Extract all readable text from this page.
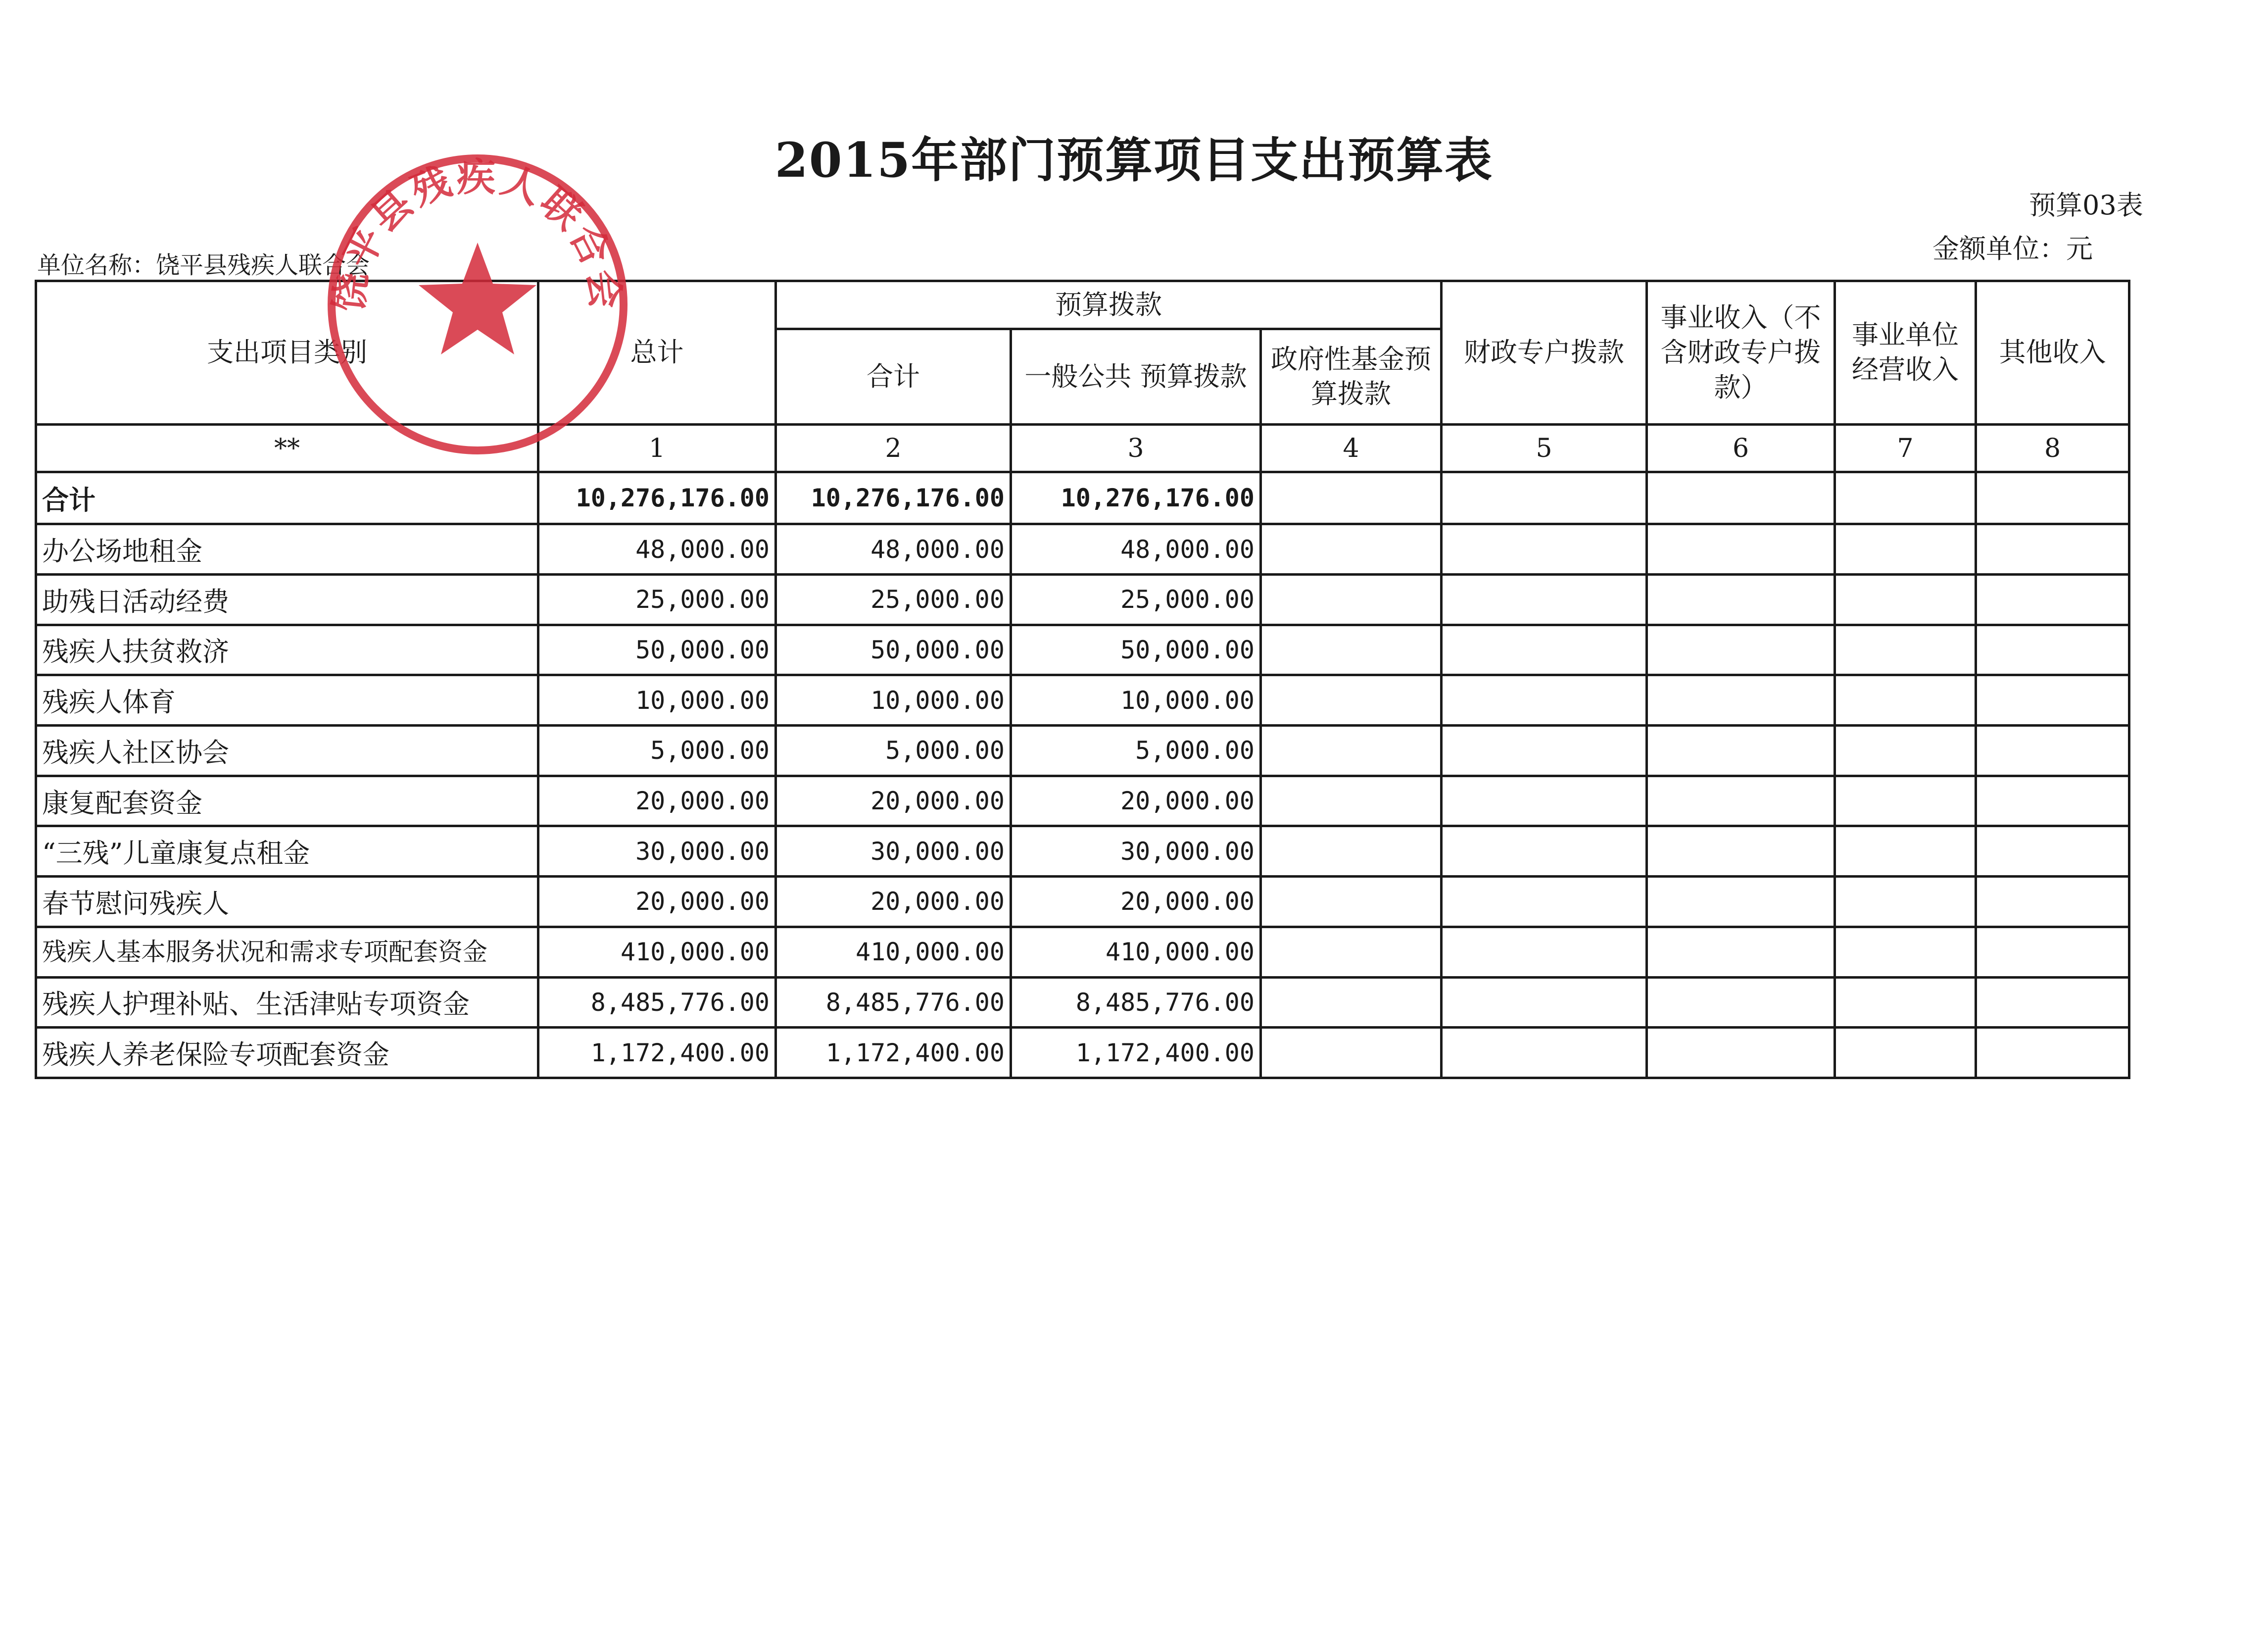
2015年部门预算项目支出预算表
预算03表
金额单位：元
单位名称：饶平县残疾人联合会
支出项目类别	总计	预算拨款			财政专户拨款	事业收入（不含财政专户拨款）	事业单位经营收入	其他收入
		合计	一般公共 预算拨款	政府性基金预算拨款				
**	1	2	3	4	5	6	7	8
合计	10,276,176.00	10,276,176.00	10,276,176.00					
办公场地租金	48,000.00	48,000.00	48,000.00					
助残日活动经费	25,000.00	25,000.00	25,000.00					
残疾人扶贫救济	50,000.00	50,000.00	50,000.00					
残疾人体育	10,000.00	10,000.00	10,000.00					
残疾人社区协会	5,000.00	5,000.00	5,000.00					
康复配套资金	20,000.00	20,000.00	20,000.00					
“三残”儿童康复点租金	30,000.00	30,000.00	30,000.00					
春节慰问残疾人	20,000.00	20,000.00	20,000.00					
残疾人基本服务状况和需求专项配套资金	410,000.00	410,000.00	410,000.00					
残疾人护理补贴、生活津贴专项资金	8,485,776.00	8,485,776.00	8,485,776.00					
残疾人养老保险专项配套资金	1,172,400.00	1,172,400.00	1,172,400.00					
饶平县残疾人联合会
